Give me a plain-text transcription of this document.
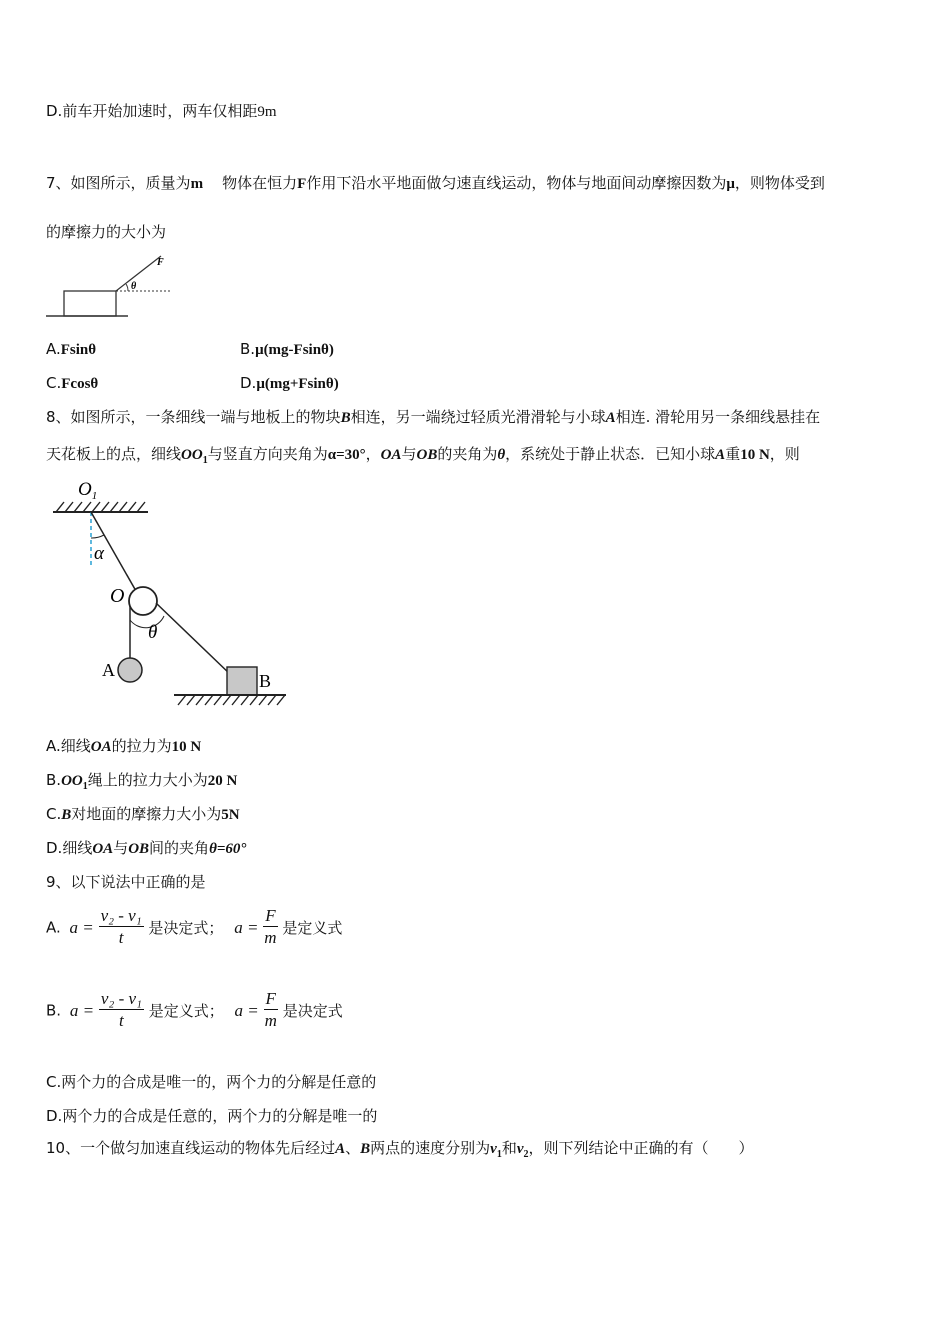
D.前车开始加速时，两车仅相距9m
7、如图所示，质量为m 物体在恒力F作用下沿水平地面做匀速直线运动，物体与地面间动摩擦因数为μ，则物体受到
的摩擦力的大小为
F
θ
A.Fsinθ	B.μ(mg-Fsinθ)
C.Fcosθ	D.μ(mg+Fsinθ)
8、如图所示，一条细线一端与地板上的物块B相连，另一端绕过轻质光滑滑轮与小球A相连. 滑轮用另一条细线悬挂在
天花板上的点，细线$OO_1$与竖直方向夹角为α=30°，OA与OB的夹角为θ，系统处于静止状态．已知小球A重10 N，则
$O_1$
α
O
θ
A
B
A.细线OA的拉力为10 N
$B.OO_1$绳上的拉力大小为20 N
C.B对地面的摩擦力大小为5N
D.细线OA与OB间的夹角θ=60°
9、以下说法中正确的是
A. $a = \frac{\text{v₂ - v₁}}{t}$ 是决定式； $a = \frac{F}{m}$ 是定义式
B. $a = \frac{\text{v₂ - v₁}}{t}$ 是定义式； $a = \frac{F}{m}$ 是决定式
C.两个力的合成是唯一的，两个力的分解是任意的
D.两个力的合成是任意的，两个力的分解是唯一的
10、一个做匀加速直线运动的物体先后经过A、B两点的速度分别为$v_1$和$v_2$，则下列结论中正确的有（　　）
